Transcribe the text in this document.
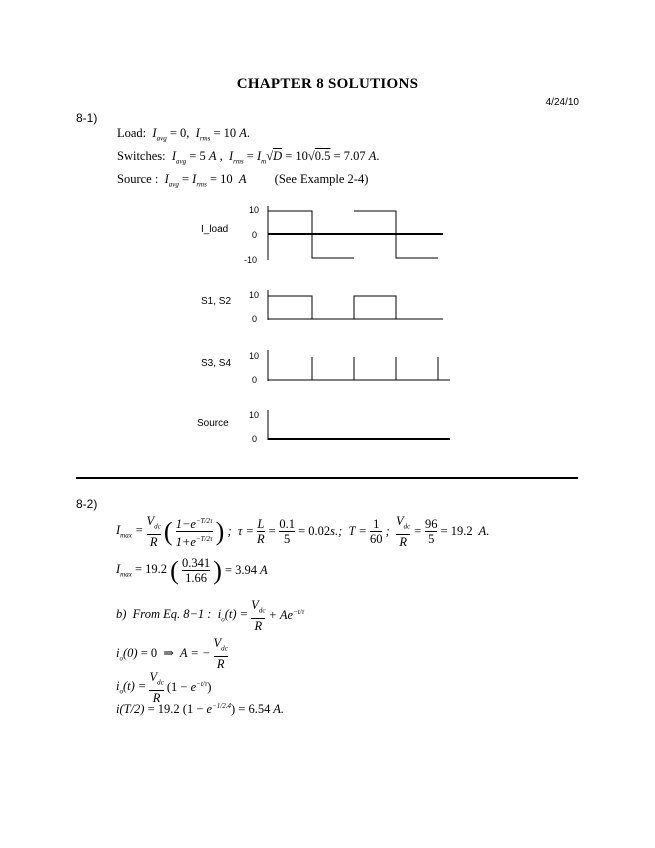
CHAPTER 8 SOLUTIONS
4/24/10
8-1)
Load:  $I_{avg} = 0$,  $I_{rms} = 10$ A.
Switches:  $I_{avg} = 5$ A ,  $I_{rms} = I_m√D = 10√0.5 = 7.07$ A.
Source :  $I_{avg} = I_{rms} = 10$  A         (See Example 2-4)
I_load
S1, S2
S3, S4
Source
10
0
-10
10
0
10
0
10
0
8-2)
$I_{max}$ =
$V_{dc}$
R ( $\frac{1-e^{-T/2\tau}}{1+e^{-T/2\tau}}$ ) ;  $\tau = \frac{L}{R} = \frac{0.1}{5} = 0.02s$.;  $T = \frac{1}{60}$ ;
$V_{dc}$
R
= $\frac{96}{5} = 19.2$  A.
$I_{max} = 19.2$ ( $\frac{0.341}{1.66}$ ) = 3.94 A
b)  From Eq. 8−1 :  $i_o(t)$ =
$V_{dc}$
R
+ $Ae^{-t/\tau}$
$i_o(0) = 0$  ⇒  A = −
$V_{dc}$
R
$i_o(t)$ =
$V_{dc}$
R
$(1 - e^{-t/\tau})$
i(T/2) = 19.2 $(1 - e^{-1/2.4}) = 6.54$ A.
